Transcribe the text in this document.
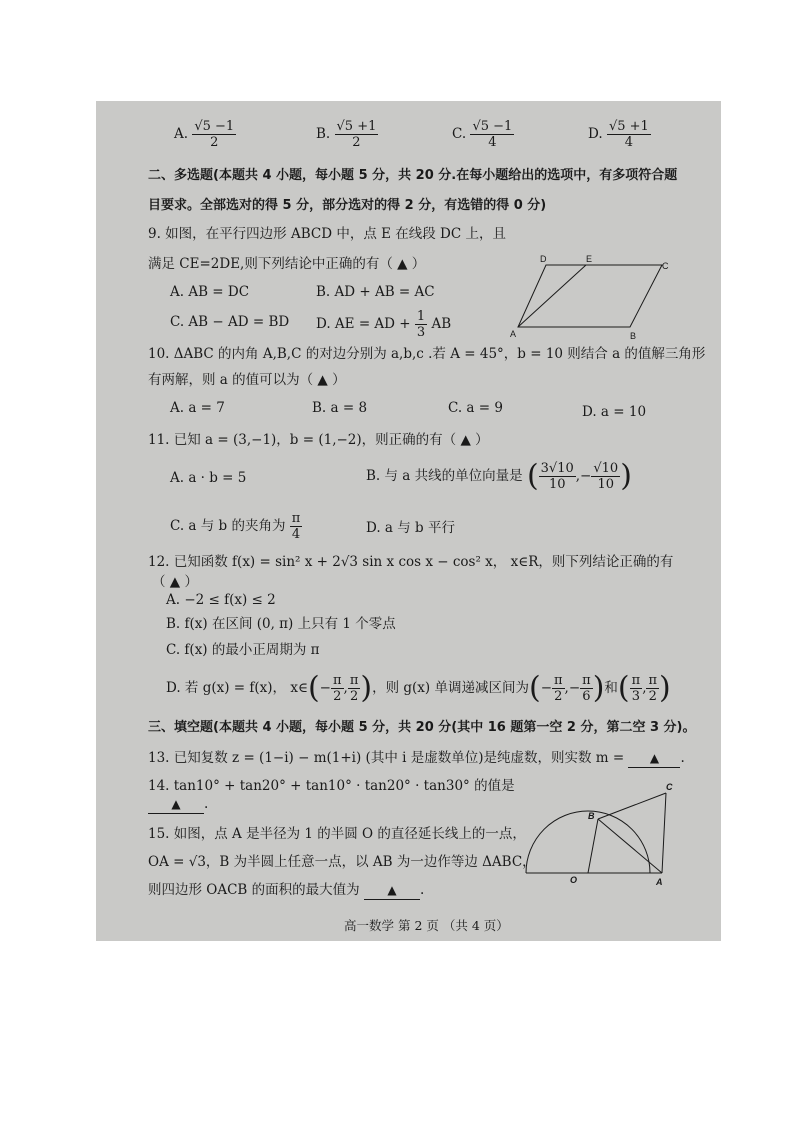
A. $\frac{√5 -1}{2}$	B. $\frac{√5 +1}{2}$	C. $\frac{√5 -1}{4}$	D. $\frac{√5 +1}{4}$
二、多选题(本题共 4 小题，每小题 5 分，共 20 分.在每小题给出的选项中，有多项符合题
目要求。全部选对的得 5 分，部分选对的得 2 分，有选错的得 0 分)
9. 如图，在平行四边形 ABCD 中，点 E 在线段 DC 上，且
满足 CE=2DE,则下列结论中正确的有（ ▲ ）
A. AB = DC	B. AD + AB = AC
C. AB − AD = BD D. AE = AD + $\frac{1}{3}$ AB
D	E
C
A	B
10. ΔABC 的内角 A,B,C 的对边分别为 a,b,c .若 A = 45°，b = 10 则结合 a 的值解三角形
有两解，则 a 的值可以为（ ▲ ）
A. a = 7	B. a = 8	C. a = 9	D. a = 10
11. 已知 a = (3,−1)，b = (1,−2)，则正确的有（ ▲ ）
A. a · b = 5	B. 与 a 共线的单位向量是 ( $\frac{3√10}{10}$ ,− $\frac{√10}{10}$ )
C. a 与 b 的夹角为 $\frac{\pi}{4}$	D. a 与 b 平行
12. 已知函数 f(x) = sin² x + 2√3 sin x cos x − cos² x， x∈R，则下列结论正确的有
（ ▲ ）
A. −2 ≤ f(x) ≤ 2
B. f(x) 在区间 (0, π) 上只有 1 个零点
C. f(x) 的最小正周期为 π
D. 若 g(x) = f(x)， x∈(− $\frac{\pi}{2}$ , $\frac{\pi}{2}$ )，则 g(x) 单调递减区间为(− $\frac{\pi}{2}$ ,− $\frac{\pi}{6}$ )和( $\frac{\pi}{3}$ , $\frac{\pi}{2}$ )
三、填空题(本题共 4 小题，每小题 5 分，共 20 分(其中 16 题第一空 2 分，第二空 3 分)。
13. 已知复数 z = (1−i) − m(1+i) (其中 i 是虚数单位)是纯虚数，则实数 m = ▲ .
14. tan10° + tan20° + tan10° · tan20° · tan30° 的值是
▲ .
15. 如图，点 A 是半径为 1 的半圆 O 的直径延长线上的一点，
OA = √3，B 为半圆上任意一点，以 AB 为一边作等边 ΔABC，
则四边形 OACB 的面积的最大值为 ▲ .
C
B
O	A
高一数学 第 2 页 （共 4 页）
